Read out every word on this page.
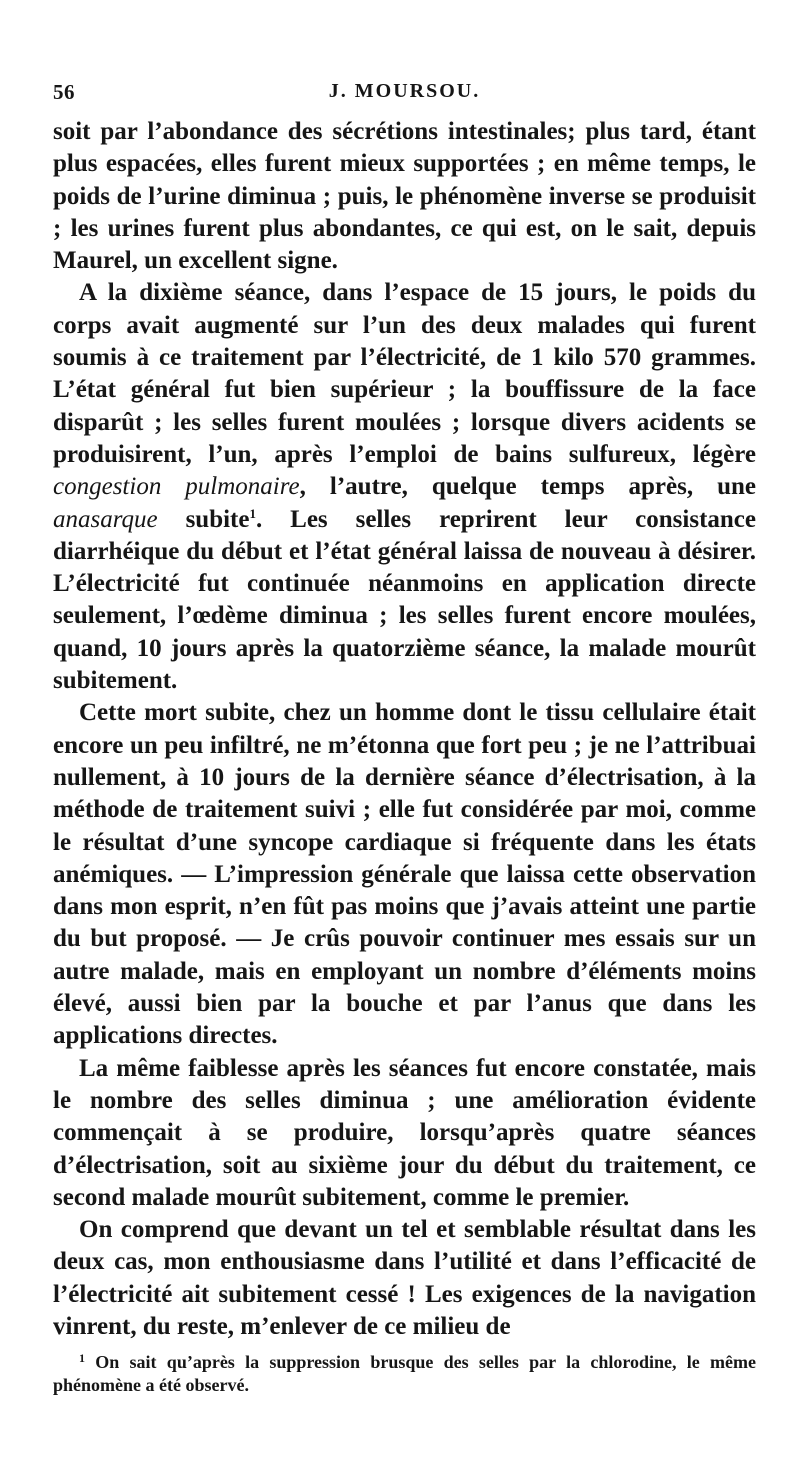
56	J. MOURSOU.

soit par l’abondance des sécrétions intestinales; plus tard, étant plus espacées, elles furent mieux supportées ; en même temps, le poids de l’urine diminua ; puis, le phénomène inverse se produisit ; les urines furent plus abondantes, ce qui est, on le sait, depuis Maurel, un excellent signe.

A la dixième séance, dans l’espace de 15 jours, le poids du corps avait augmenté sur l’un des deux malades qui furent soumis à ce traitement par l’électricité, de 1 kilo 570 grammes. L’état général fut bien supérieur ; la bouffissure de la face disparût ; les selles furent moulées ; lorsque divers acidents se produisirent, l’un, après l’emploi de bains sulfureux, légère congestion pulmonaire, l’autre, quelque temps après, une anasarque subite$^1$. Les selles reprirent leur consistance diarrhéique du début et l’état général laissa de nouveau à désirer. L’électricité fut continuée néanmoins en application directe seulement, l’œdème diminua ; les selles furent encore moulées, quand, 10 jours après la quatorzième séance, la malade mourût subitement.

Cette mort subite, chez un homme dont le tissu cellulaire était encore un peu infiltré, ne m’étonna que fort peu ; je ne l’attribuai nullement, à 10 jours de la dernière séance d’électrisation, à la méthode de traitement suivi ; elle fut considérée par moi, comme le résultat d’une syncope cardiaque si fréquente dans les états anémiques. — L’impression générale que laissa cette observation dans mon esprit, n’en fût pas moins que j’avais atteint une partie du but proposé. — Je crûs pouvoir continuer mes essais sur un autre malade, mais en employant un nombre d’éléments moins élevé, aussi bien par la bouche et par l’anus que dans les applications directes.

La même faiblesse après les séances fut encore constatée, mais le nombre des selles diminua ; une amélioration évidente commençait à se produire, lorsqu’après quatre séances d’électrisation, soit au sixième jour du début du traitement, ce second malade mourût subitement, comme le premier.

On comprend que devant un tel et semblable résultat dans les deux cas, mon enthousiasme dans l’utilité et dans l’efficacité de l’électricité ait subitement cessé ! Les exigences de la navigation vinrent, du reste, m’enlever de ce milieu de

$^1$ On sait qu’après la suppression brusque des selles par la chlorodine, le même phénomène a été observé.
